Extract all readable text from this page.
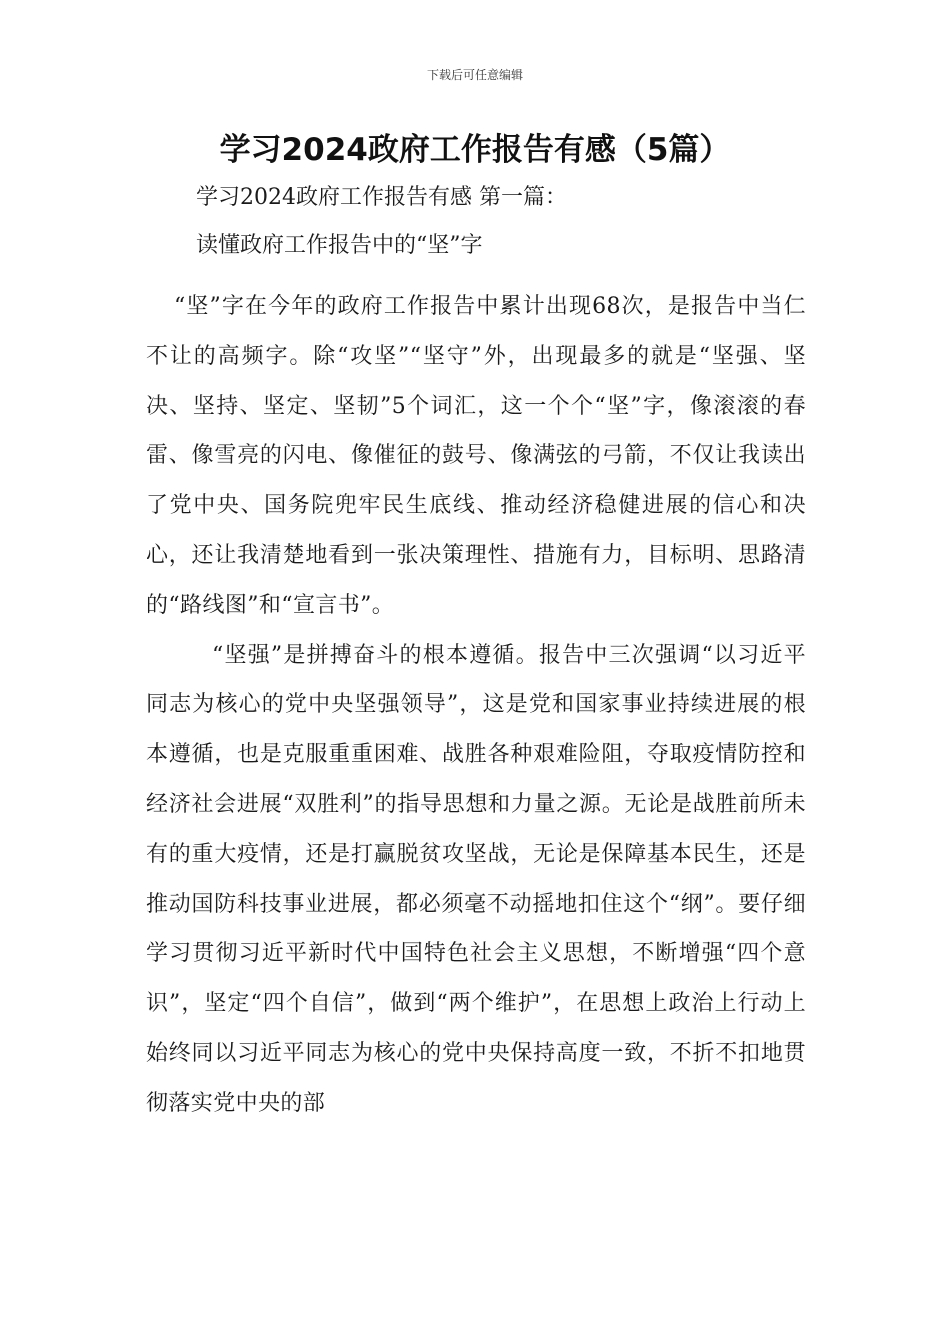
下载后可任意编辑
学习2024政府工作报告有感（5篇）
学习2024政府工作报告有感 第一篇：
读懂政府工作报告中的“坚”字

“坚”字在今年的政府工作报告中累计出现68次，是报告中当仁不让的高频字。除“攻坚”“坚守”外，出现最多的就是“坚强、坚决、坚持、坚定、坚韧”5个词汇，这一个个“坚”字，像滚滚的春雷、像雪亮的闪电、像催征的鼓号、像满弦的弓箭，不仅让我读出了党中央、国务院兜牢民生底线、推动经济稳健进展的信心和决心，还让我清楚地看到一张决策理性、措施有力，目标明、思路清的“路线图”和“宣言书”。

“坚强”是拼搏奋斗的根本遵循。报告中三次强调“以习近平同志为核心的党中央坚强领导”，这是党和国家事业持续进展的根本遵循，也是克服重重困难、战胜各种艰难险阻，夺取疫情防控和经济社会进展“双胜利”的指导思想和力量之源。无论是战胜前所未有的重大疫情，还是打赢脱贫攻坚战，无论是保障基本民生，还是推动国防科技事业进展，都必须毫不动摇地扣住这个“纲”。要仔细学习贯彻习近平新时代中国特色社会主义思想，不断增强“四个意识”，坚定“四个自信”，做到“两个维护”，在思想上政治上行动上始终同以习近平同志为核心的党中央保持高度一致，不折不扣地贯彻落实党中央的部
